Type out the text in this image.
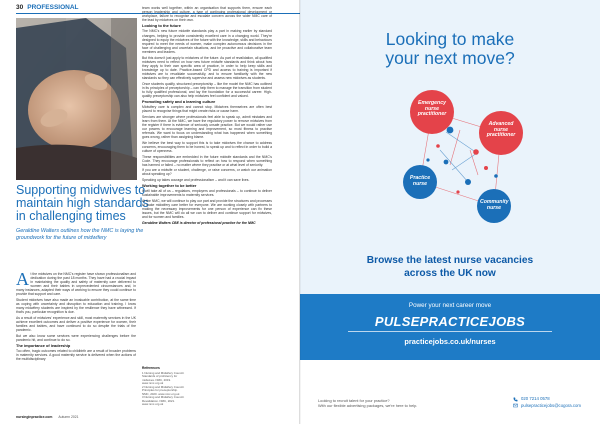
30 PROFESSIONAL
Supporting midwives to maintain high standards in challenging times

Geraldine Walters outlines how the NMC is laying the groundwork for the future of midwifery

At the midwives on the NMC's register have shown professionalism and dedication during the past 18 months. They have had a crucial impact in maintaining the quality and safety of maternity care delivered to women and their babies in unprecedented circumstances and, in many instances, adapted their ways of working to ensure they could continue to provide that support and care.

Student midwives have also made an invaluable contribution, at the same time as coping with uncertainty and disruption to education and training. I know many midwifery students are inspired by the resilience they have witnessed. If that's you, particular recognition is due.

As a result of midwives' experience and skill, most maternity services in the UK achieve excellent outcomes and deliver a positive experience for women, their families and babies, and have continued to do so despite the trials of the pandemic.

But we also know some services were experiencing challenges before the pandemic hit, and continue to do so.

The importance of leadership

Too often, tragic outcomes related to childbirth are a result of broader problems in maternity services. A good maternity service is delivered when the actions of the multidisciplinary

team works well together, within an organisation that supports them, ensure each person leadership and culture, a type of continuing professional development or workplace, failure to recognise and escalate concern across the wider NMC care of the lead by midwives on their own.

Looking to the future

The NMC's new future midwife standards play a part in making earlier by standard changes, helping to provide consistently excellent care in a changing world. They're designed to equip the midwives of the future with the knowledge, skills and behaviours required to meet the needs of women, make complex autonomous decisions in the face of challenging and uncertain situations, and be proactive and collaborative team members and leaders.

But this doesn't just apply to midwives of the future. As part of revalidation, all qualified midwives need to reflect on how new future midwife standards and think about how they apply to their own specific area of practice, in order to help keep skills and knowledge up to date. Practice-based CPD and access to training is important if midwives are to revalidate successfully, and to ensure familiarity with the new standards so they can effectively supervise and assess new midwives as students.

Once students qualify, structured preceptorship – like the model the NMC has outlined in its principles of preceptorship – can help them to manage the transition from student to fully qualified professional, and lay the foundation for a successful career. High-quality preceptorship can also help midwives feel confident and valued.

Promoting safety and a learning culture

Midwifery care is complex and cannot stop. Midwives themselves are often best placed to recognise things that might create risks or cause harm.

Services are stronger where professionals feel able to speak up, admit mistakes and learn from them. At the NMC, we have the regulatory power to remove midwives from the register if there is evidence of seriously unsafe practice. But we would rather use our powers to encourage learning and improvement, so most fitness to practise referrals. We want to focus on understanding what has happened when something goes wrong, rather than assigning blame.

We believe the best way to support this is to take midwives the chance to address concerns, encouraging them to be honest, to speak up and to reflect in order to build a culture of openness.

These responsibilities are embedded in the future midwife standards and the NMC's Code. They encourage professionals to reflect on how to respond when something has harmed or failed – no matter where they practise or at what level of seniority.

If you are a midwife or student, challenge, or raise concerns, or watch our animation about speaking up?

Speaking up takes courage and professionalism – and it can save lives.

Working together to be better

It will take all of us – regulators, employers and professionals – to continue to deliver sustainable improvements to maternity services.

At the NMC, we will continue to play our part and provide the structures and processes to make midwifery care better for everyone. We are working closely with partners to making the necessary improvements for one person of experience can fix these issues, but the NMC will do all we can to deliver and continue support for midwives, and for women and families.

Geraldine Walters CBE is director of professional practice for the NMC

References

1 Nursing and Midwifery Council. Standards of proficiency for midwives. NMC, 2019. www.nmc.org.uk

2 Nursing and Midwifery Council. Principles for preceptorship. NMC, 2020. www.nmc.org.uk

3 Nursing and Midwifery Council. Revalidation. NMC, 2021. www.nmc.org.uk

nursinginpractice.com Autumn 2021
Looking to make
your next move?
Emergency nurse practitioner
Advanced nurse practitioner
Practice nurse
Community nurse
Browse the latest nurse vacancies
across the UK now
Power your next career move
PULSEPRACTICEJOBS
practicejobs.co.uk/nurses
Looking to recruit talent for your practice?
With our flexible advertising packages, we're here to help.
020 7214 0578
pulsepracticejobs@cogora.com
